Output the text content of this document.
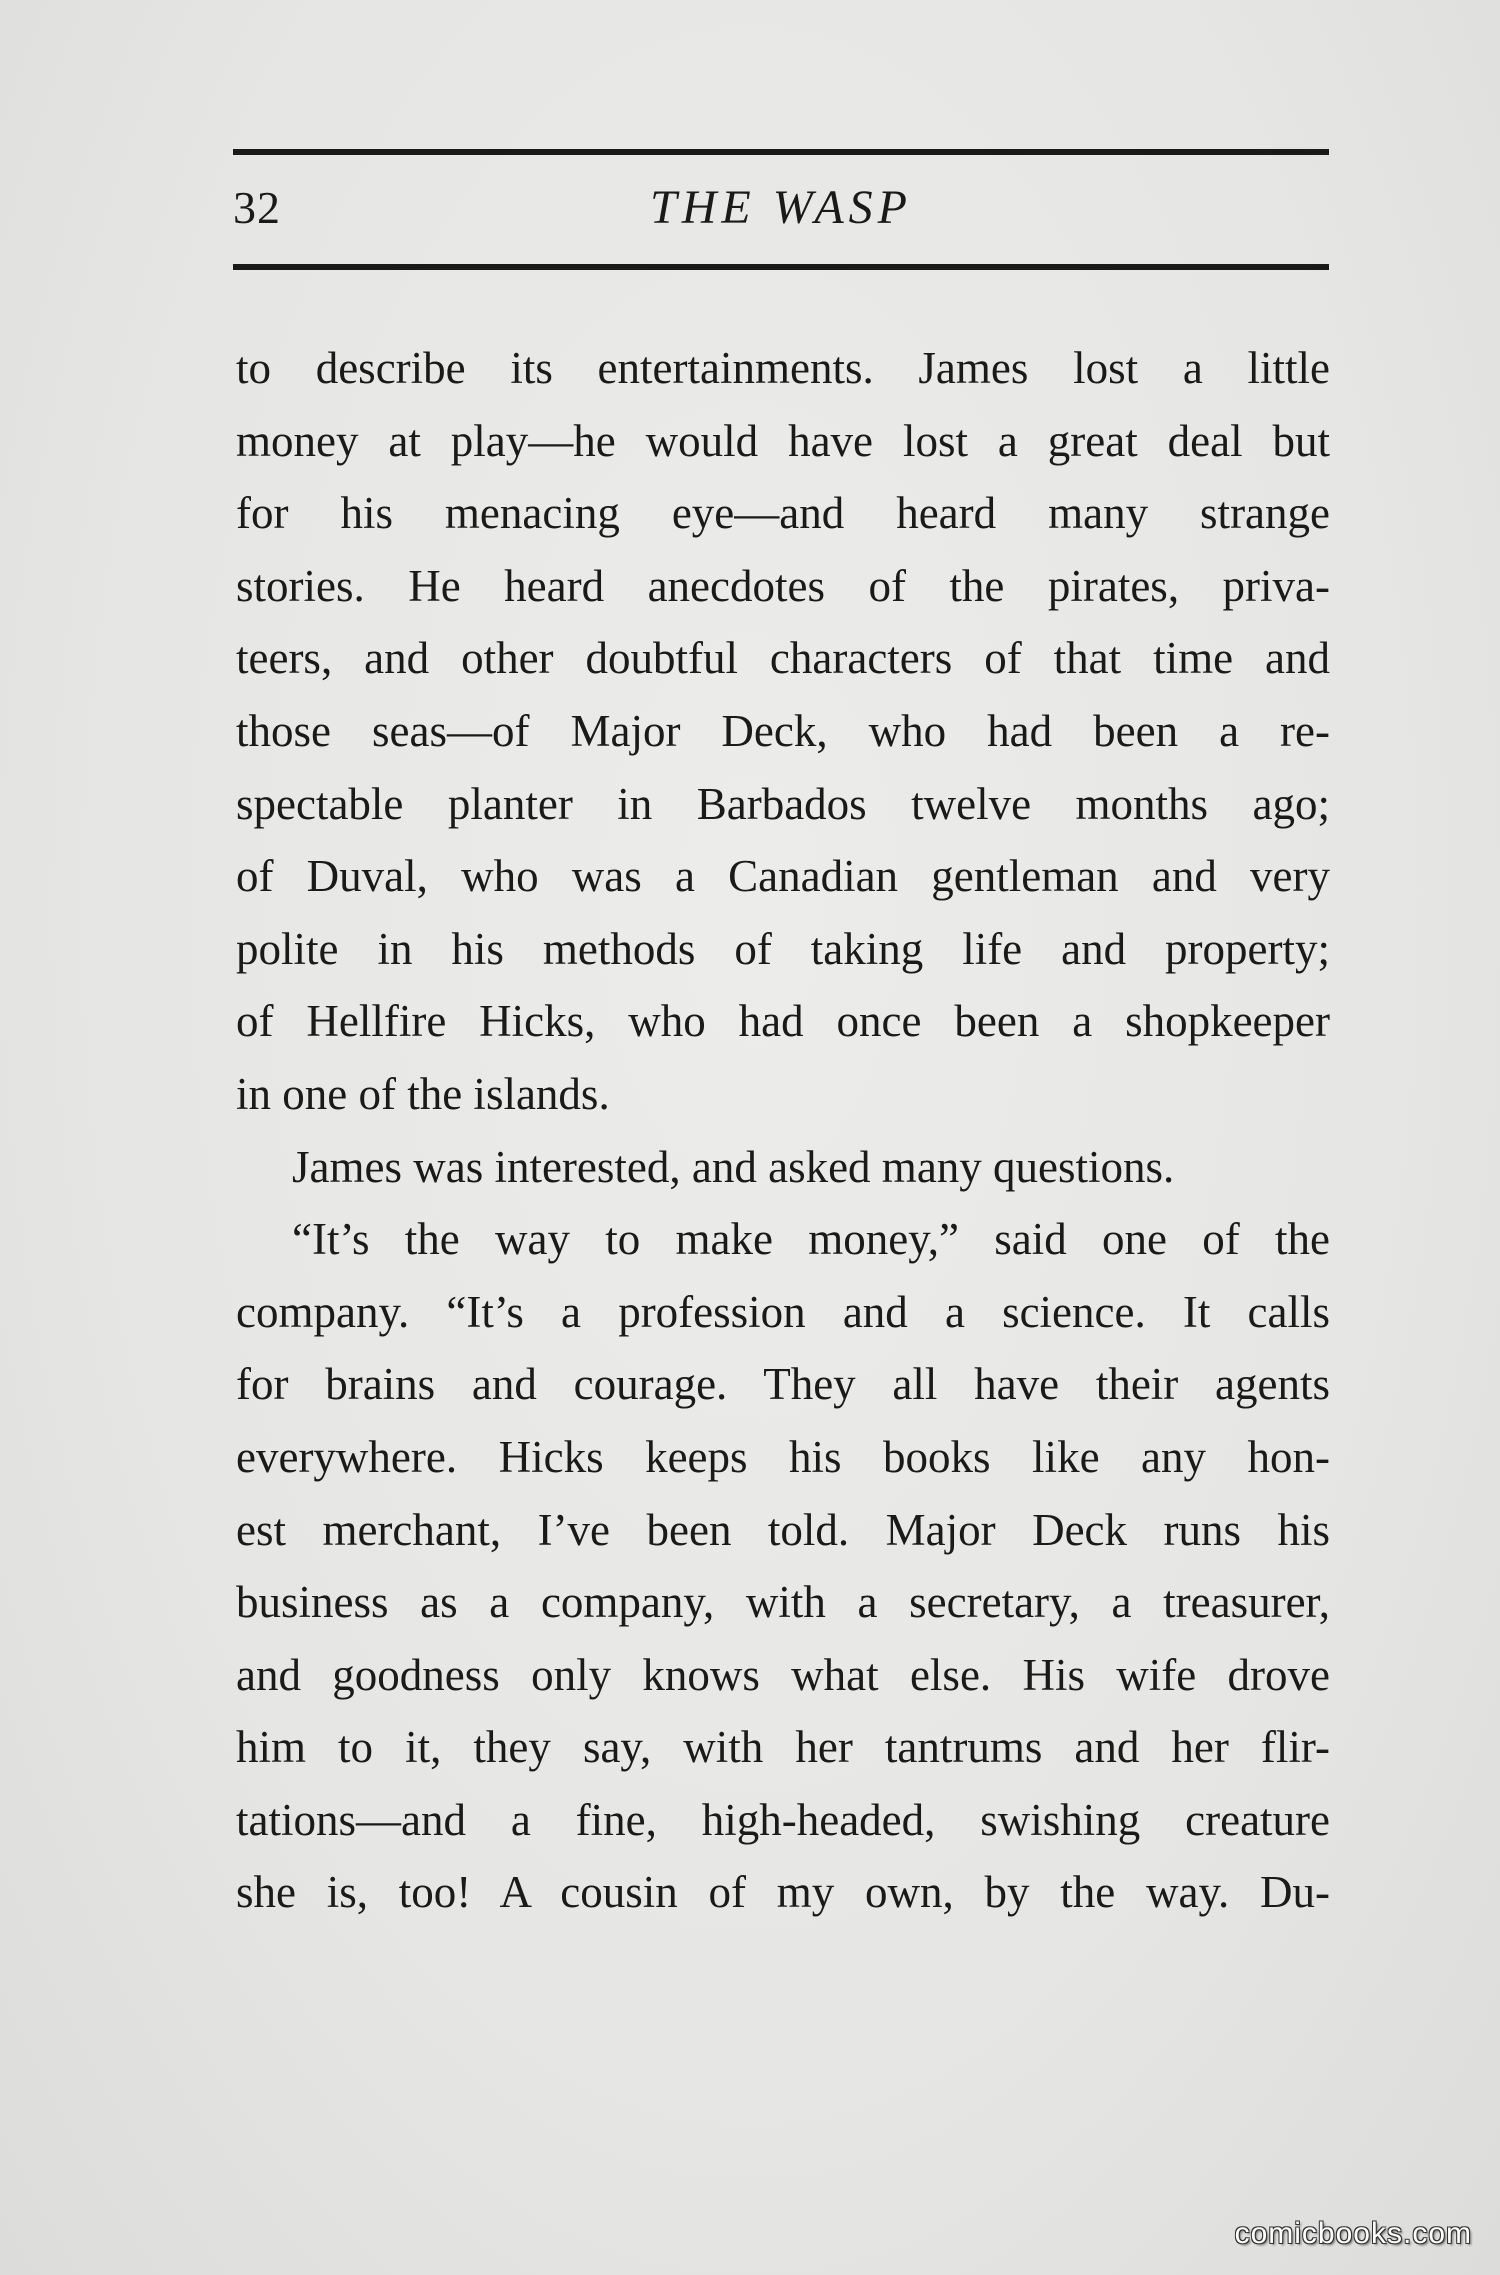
32	THE WASP
to describe its entertainments. James lost a little
money at play—he would have lost a great deal but
for his menacing eye—and heard many strange
stories. He heard anecdotes of the pirates, priva-
teers, and other doubtful characters of that time and
those seas—of Major Deck, who had been a re-
spectable planter in Barbados twelve months ago;
of Duval, who was a Canadian gentleman and very
polite in his methods of taking life and property;
of Hellfire Hicks, who had once been a shopkeeper
in one of the islands.
James was interested, and asked many questions.
“It’s the way to make money,” said one of the
company. “It’s a profession and a science. It calls
for brains and courage. They all have their agents
everywhere. Hicks keeps his books like any hon-
est merchant, I’ve been told. Major Deck runs his
business as a company, with a secretary, a treasurer,
and goodness only knows what else. His wife drove
him to it, they say, with her tantrums and her flir-
tations—and a fine, high-headed, swishing creature
she is, too! A cousin of my own, by the way. Du-
comicbooks.com
